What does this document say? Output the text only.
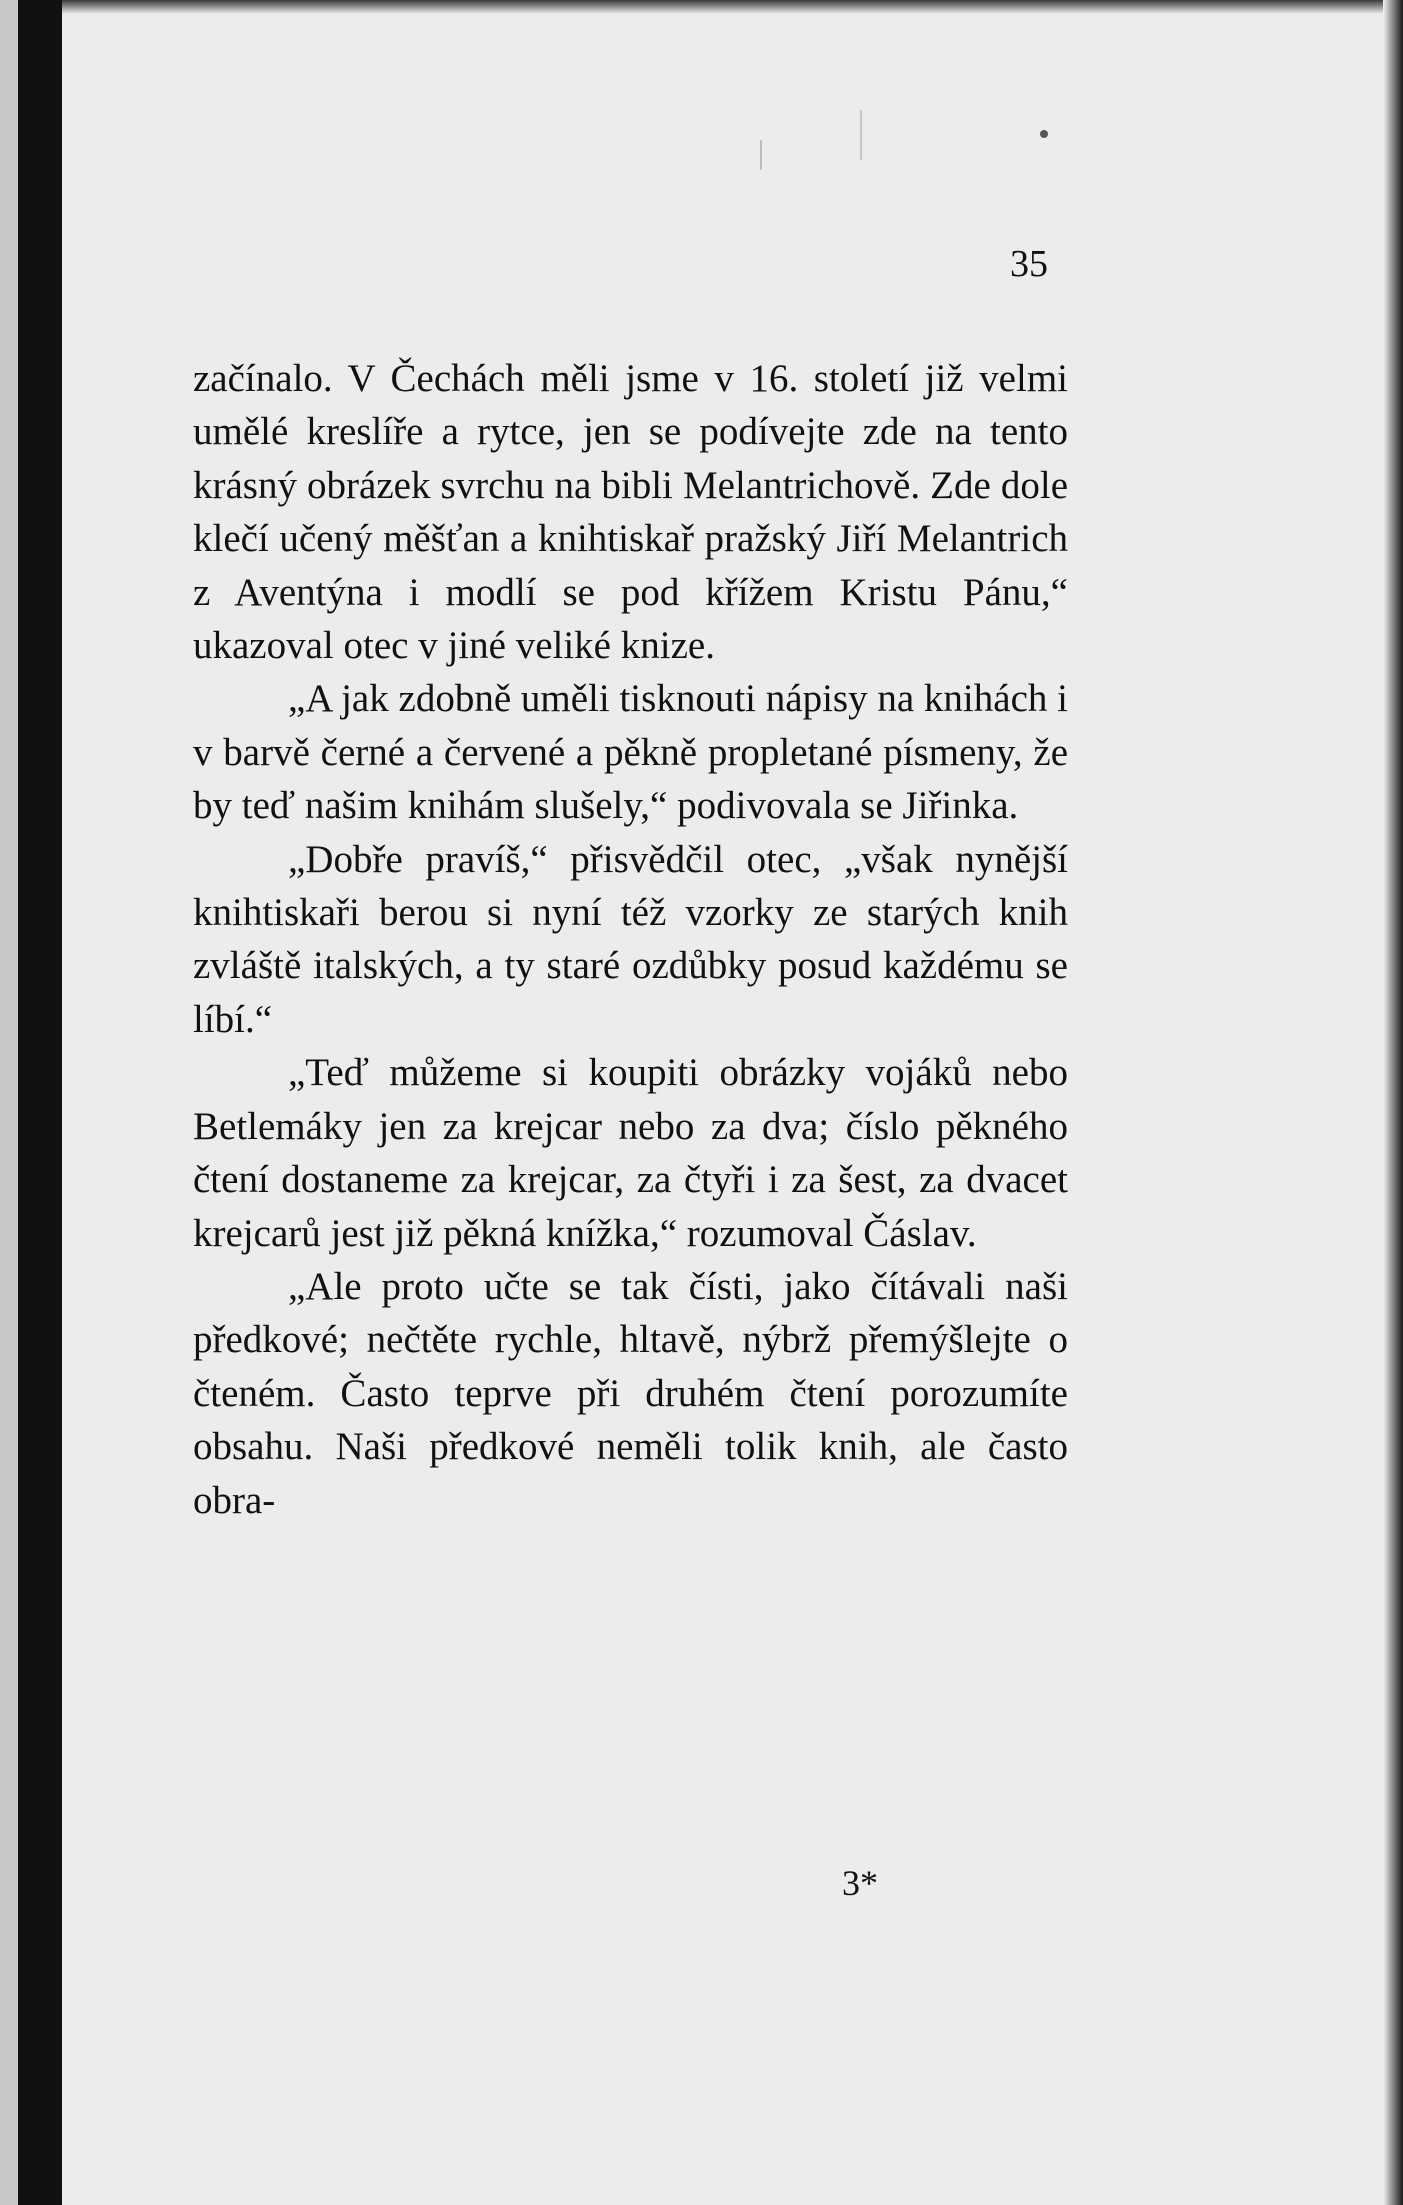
35

začínalo. V Čechách měli jsme v 16. století již velmi umělé kreslíře a rytce, jen se podívejte zde na tento krásný obrázek svrchu na bibli Melantrichově. Zde dole klečí učený měšťan a knihtiskař pražský Jiří Melantrich z Aventýna i modlí se pod křížem Kristu Pánu,“ ukazoval otec v jiné veliké knize.

„A jak zdobně uměli tisknouti nápisy na knihách i v barvě černé a červené a pěkně propletané písmeny, že by teď našim knihám slušely,“ podivovala se Jiřinka.

„Dobře pravíš,“ přisvědčil otec, „však nynější knihtiskaři berou si nyní též vzorky ze starých knih zvláště italských, a ty staré ozdůbky posud každému se líbí.“

„Teď můžeme si koupiti obrázky vojáků nebo Betlemáky jen za krejcar nebo za dva; číslo pěkného čtení dostaneme za krejcar, za čtyři i za šest, za dvacet krejcarů jest již pěkná knížka,“ rozumoval Čáslav.

„Ale proto učte se tak čísti, jako čítávali naši předkové; nečtěte rychle, hltavě, nýbrž přemýšlejte o čteném. Často teprve při druhém čtení porozumíte obsahu. Naši předkové neměli tolik knih, ale často obra-

3*
